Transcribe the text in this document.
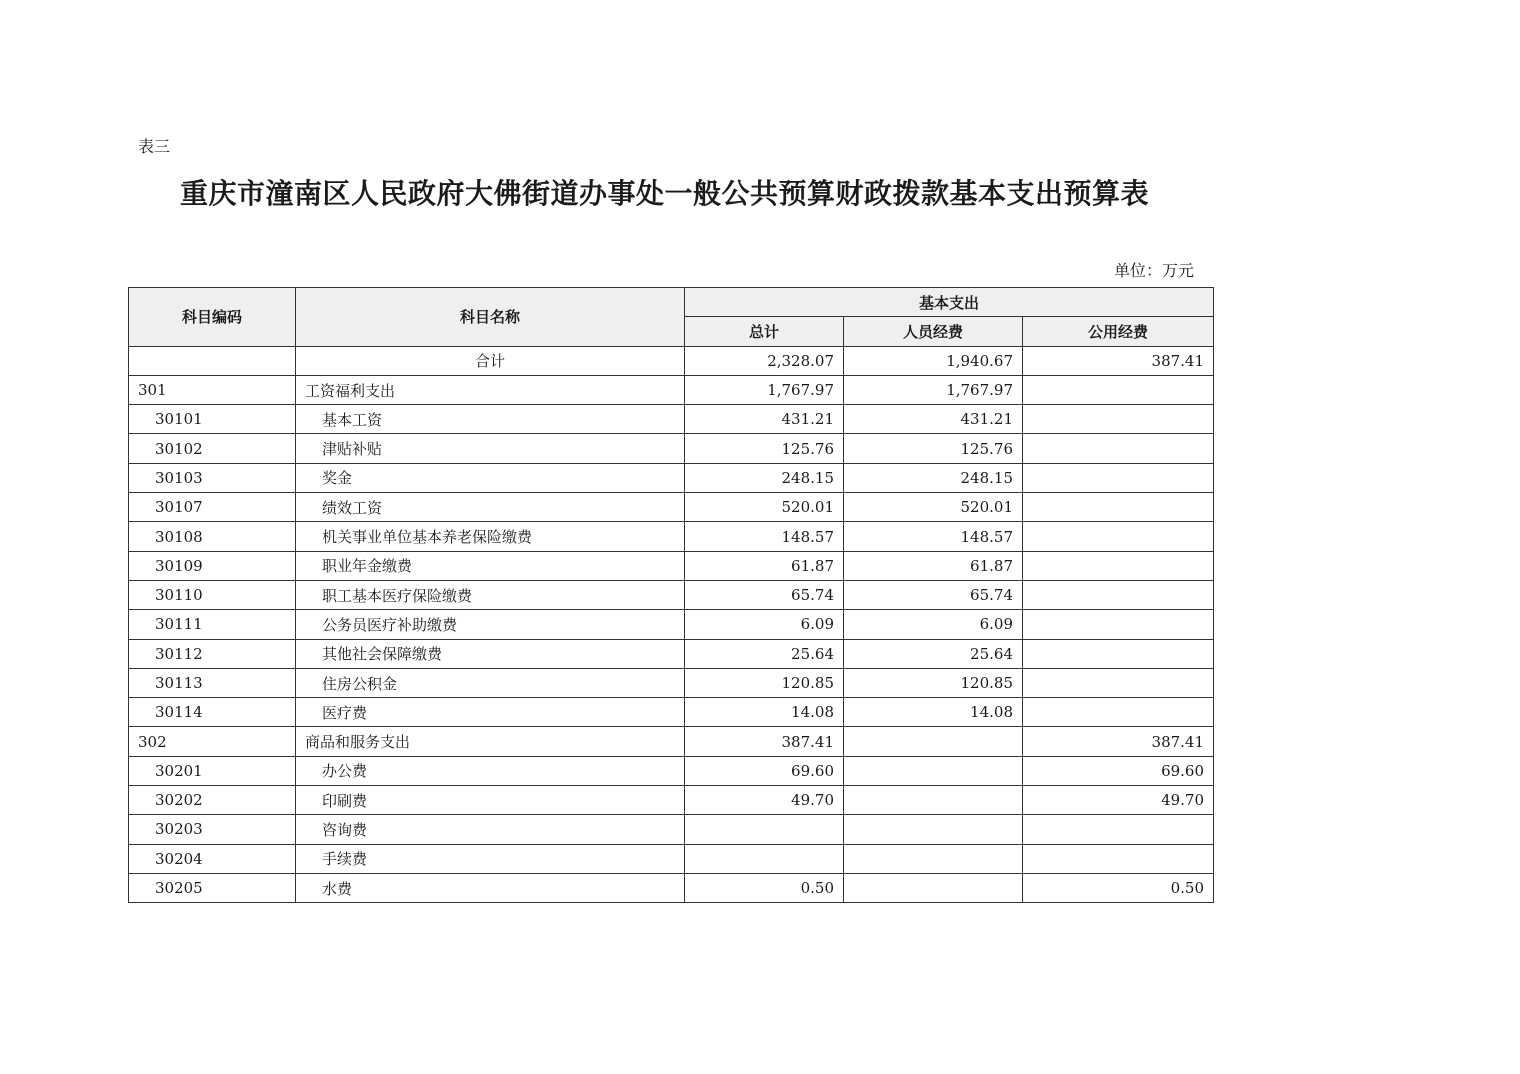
表三
重庆市潼南区人民政府大佛街道办事处一般公共预算财政拨款基本支出预算表
单位：万元
科目编码	科目名称	基本支出		
		总计	人员经费	公用经费
	合计	2,328.07	1,940.67	387.41
301	工资福利支出	1,767.97	1,767.97	
30101	基本工资	431.21	431.21	
30102	津贴补贴	125.76	125.76	
30103	奖金	248.15	248.15	
30107	绩效工资	520.01	520.01	
30108	机关事业单位基本养老保险缴费	148.57	148.57	
30109	职业年金缴费	61.87	61.87	
30110	职工基本医疗保险缴费	65.74	65.74	
30111	公务员医疗补助缴费	6.09	6.09	
30112	其他社会保障缴费	25.64	25.64	
30113	住房公积金	120.85	120.85	
30114	医疗费	14.08	14.08	
302	商品和服务支出	387.41		387.41
30201	办公费	69.60		69.60
30202	印刷费	49.70		49.70
30203	咨询费			
30204	手续费			
30205	水费	0.50		0.50
